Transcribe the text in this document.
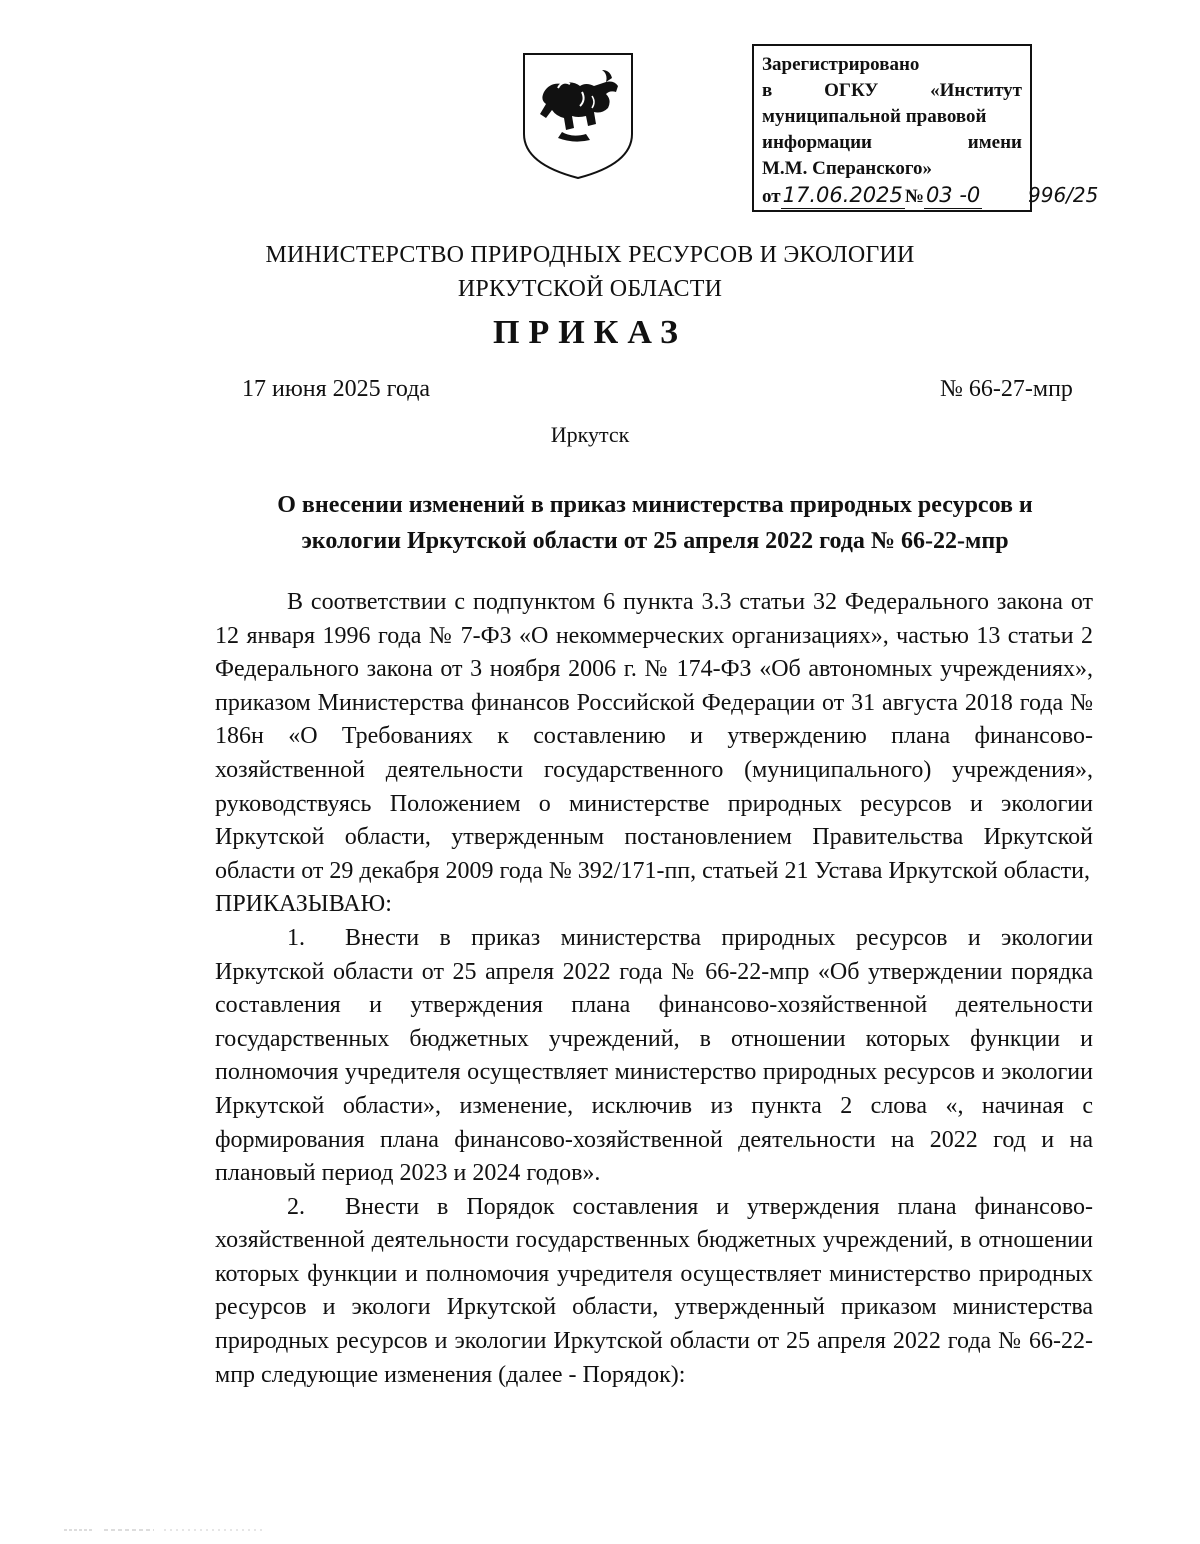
Зарегистрировано
в	ОГКУ	«Институт
муниципальной правовой
информации	имени
М.М. Сперанского»
от 17.06.2025 № 03 -0 996/25
МИНИСТЕРСТВО ПРИРОДНЫХ РЕСУРСОВ И ЭКОЛОГИИ
ИРКУТСКОЙ ОБЛАСТИ
ПРИКАЗ
17 июня 2025 года	№ 66-27-мпр
Иркутск
О внесении изменений в приказ министерства природных ресурсов и
экологии Иркутской области от 25 апреля 2022 года № 66-22-мпр

В соответствии с подпунктом 6 пункта 3.3 статьи 32 Федерального закона от 12 января 1996 года № 7-ФЗ «О некоммерческих организациях», частью 13 статьи 2 Федерального закона от 3 ноября 2006 г. № 174-ФЗ «Об автономных учреждениях», приказом Министерства финансов Российской Федерации от 31 августа 2018 года № 186н «О Требованиях к составлению и утверждению плана финансово-хозяйственной деятельности государственного (муниципального) учреждения», руководствуясь Положением о министерстве природных ресурсов и экологии Иркутской области, утвержденным постановлением Правительства Иркутской области от 29 декабря 2009 года № 392/171-пп, статьей 21 Устава Иркутской области,

ПРИКАЗЫВАЮ:

1. Внести в приказ министерства природных ресурсов и экологии Иркутской области от 25 апреля 2022 года № 66-22-мпр «Об утверждении порядка составления и утверждения плана финансово-хозяйственной деятельности государственных бюджетных учреждений, в отношении которых функции и полномочия учредителя осуществляет министерство природных ресурсов и экологии Иркутской области», изменение, исключив из пункта 2 слова «, начиная с формирования плана финансово-хозяйственной деятельности на 2022 год и на плановый период 2023 и 2024 годов».

2. Внести в Порядок составления и утверждения плана финансово-хозяйственной деятельности государственных бюджетных учреждений, в отношении которых функции и полномочия учредителя осуществляет министерство природных ресурсов и экологи Иркутской области, утвержденный приказом министерства природных ресурсов и экологии Иркутской области от 25 апреля 2022 года № 66-22-мпр следующие изменения (далее - Порядок):
